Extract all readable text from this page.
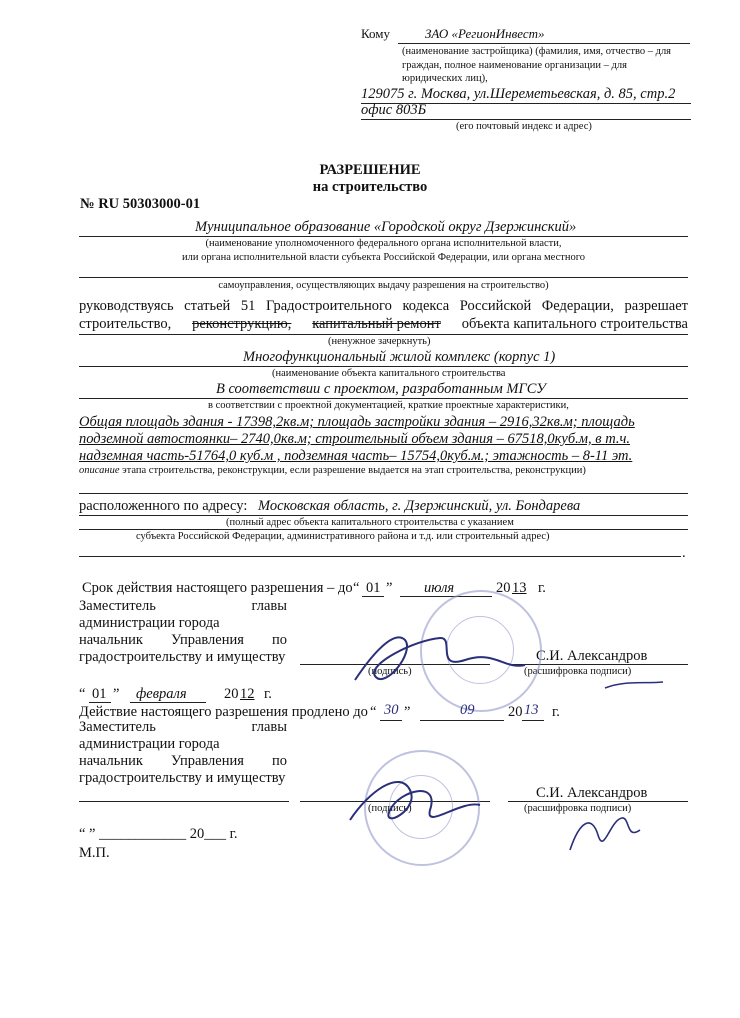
Кому	ЗАО «РегионИнвест»
(наименование застройщика) (фамилия, имя, отчество – для
граждан, полное наименование организации – для
юридических лиц),
129075 г. Москва, ул.Шереметьевская, д. 85, стр.2
офис 803Б
(его почтовый индекс и адрес)
РАЗРЕШЕНИЕ
на строительство
№ RU 50303000-01
Муниципальное образование «Городской округ Дзержинский»
(наименование уполномоченного федерального органа исполнительной власти,
или органа исполнительной власти субъекта Российской Федерации, или органа местного
самоуправления, осуществляющих выдачу разрешения на строительство)
руководствуясь статьей 51 Градостроительного кодекса Российской Федерации, разрешает
строительство, реконструкцию, капитальный ремонт объекта капитального строительства
(ненужное зачеркнуть)
Многофункциональный жилой комплекс (корпус 1)
(наименование объекта капитального строительства
В соответствии с проектом, разработанным МГСУ
в соответствии с проектной документацией, краткие проектные характеристики,
Общая площадь здания - 17398,2кв.м; площадь застройки здания – 2916,32кв.м; площадь
подземной автостоянки– 2740,0кв.м; строительный объем здания – 67518,0куб.м, в т.ч.
надземная часть-51764,0 куб.м , подземная часть– 15754,0куб.м.; этажность – 8-11 эт.
описание этапа строительства, реконструкции, если разрешение выдается на этап строительства, реконструкции)
расположенного по адресу: Московская область, г. Дзержинский, ул. Бондарева
(полный адрес объекта капитального строительства с указанием
субъекта Российской Федерации, административного района и т.д. или строительный адрес)
.
Срок действия настоящего разрешения – до “ 01 ” июля	20 13 г.
Заместитель	главы
администрации города
начальник Управления по
градостроительству и имуществу	С.И. Александров
(подпись)	(расшифровка подписи)
“ 01 ” февраля	20 12 г.
Действие настоящего разрешения продлено до “ 30 ”	09 20 13 г.
Заместитель	главы
администрации города
начальник Управления по
градостроительству и имуществу
С.И. Александров
(подпись)	(расшифровка подписи)
“ ” ____________ 20___ г.
М.П.
